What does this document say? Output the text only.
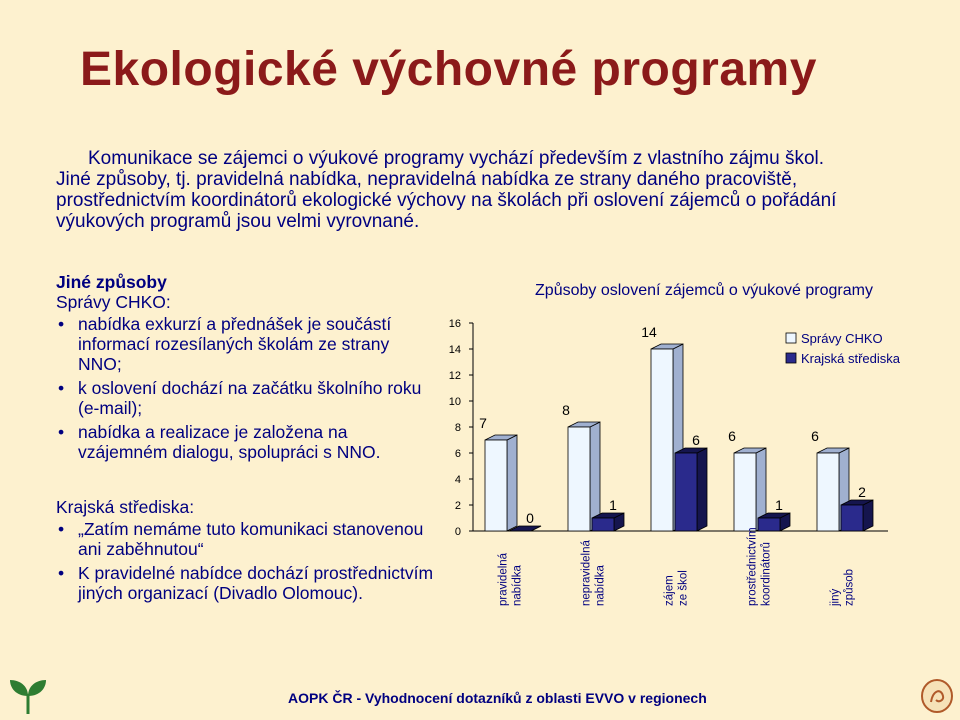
Ekologické výchovné programy
Komunikace se zájemci o výukové programy vychází především z vlastního zájmu škol. Jiné způsoby, tj. pravidelná nabídka, nepravidelná nabídka ze strany daného pracoviště, prostřednictvím koordinátorů ekologické výchovy na školách při oslovení zájemců o pořádání výukových programů jsou velmi vyrovnané.
Jiné způsoby
Správy CHKO:
• nabídka exkurzí a přednášek je součástí informací rozesílaných školám ze strany NNO;
• k oslovení dochází na začátku školního roku (e-mail);
• nabídka a realizace je založena na vzájemném dialogu, spolupráci s NNO.
Krajská střediska:
• „Zatím nemáme tuto komunikaci stanovenou ani zaběhnutou“
• K pravidelné nabídce dochází prostřednictvím jiných organizací (Divadlo Olomouc).
Způsoby oslovení zájemců o výukové programy
0
2
4
6
8
10
12
14
16
7
0
pravidelná nabídka
8
1
nepravidelná nabídka
14
6
zájem ze škol
6
1
prostřednictvím koordinátorů
6
2
jiný způsob
Správy CHKO
Krajská střediska
AOPK ČR - Vyhodnocení dotazníků z oblasti EVVO v regionech
